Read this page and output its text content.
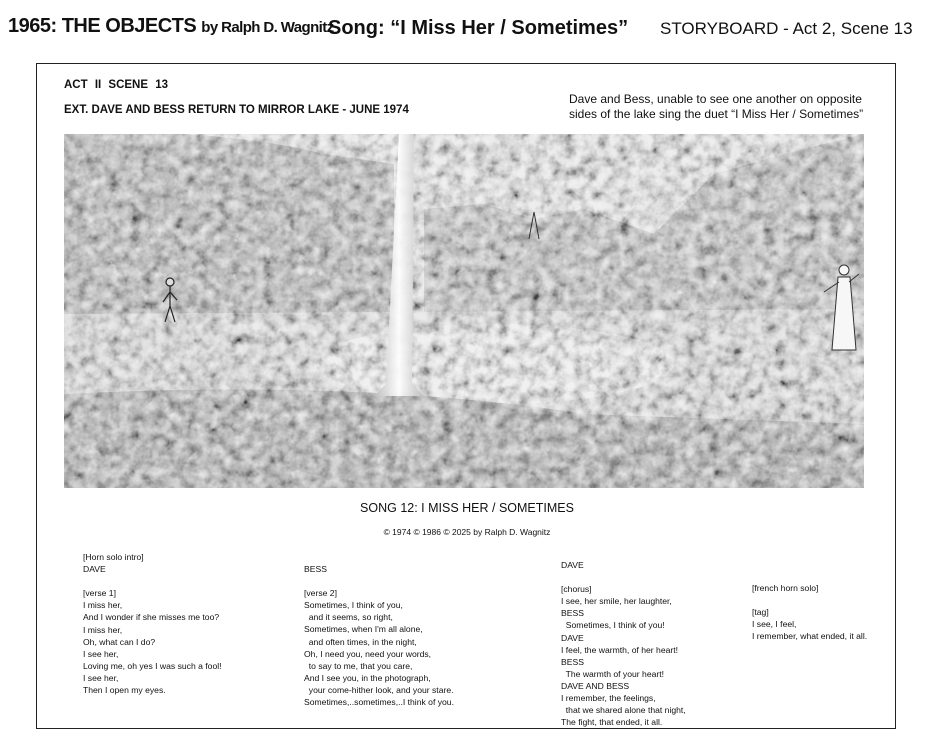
1965: THE OBJECTS by Ralph D. Wagnitz
Song: “I Miss Her / Sometimes” STORYBOARD - Act 2, Scene 13
ACT II SCENE 13
EXT. DAVE AND BESS RETURN TO MIRROR LAKE - JUNE 1974
Dave and Bess, unable to see one another on opposite sides of the lake sing the duet “I Miss Her / Sometimes”
SONG 12: I MISS HER / SOMETIMES
© 1974 © 1986 © 2025 by Ralph D. Wagnitz
[Horn solo intro]
DAVE

[verse 1]
I miss her,
And I wonder if she misses me too?
I miss her,
Oh, what can I do?
I see her,
Loving me, oh yes I was such a fool!
I see her,
Then I open my eyes.
BESS

[verse 2]
Sometimes, I think of you,
and it seems, so right,
Sometimes, when I'm all alone,
and often times, in the night,
Oh, I need you, need your words,
to say to me, that you care,
And I see you, in the photograph,
your come-hither look, and your stare.
Sometimes,..sometimes,..I think of you.
DAVE

[chorus]
I see, her smile, her laughter,
BESS
Sometimes, I think of you!
DAVE
I feel, the warmth, of her heart!
BESS
The warmth of your heart!
DAVE AND BESS
I remember, the feelings,
that we shared alone that night,
The fight, that ended, it all.
[french horn solo]

[tag]
I see, I feel,
I remember, what ended, it all.
